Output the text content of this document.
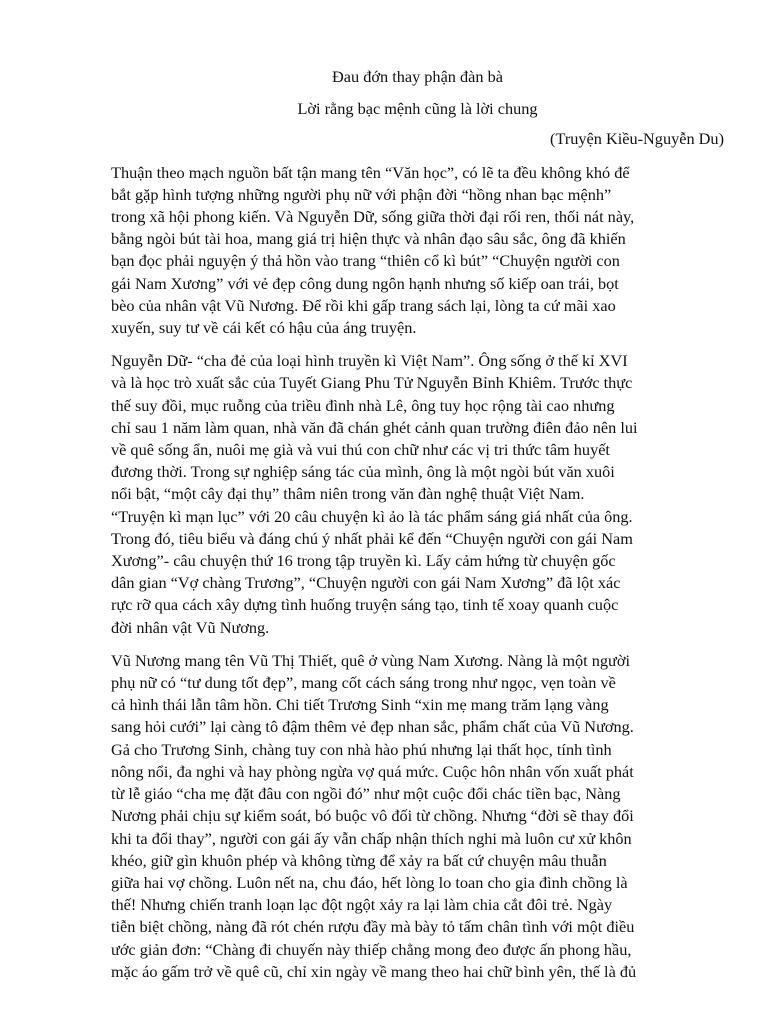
Đau đớn thay phận đàn bà

Lời rằng bạc mệnh cũng là lời chung

(Truyện Kiều-Nguyễn Du)

Thuận theo mạch nguồn bất tận mang tên “Văn học”, có lẽ ta đều không khó để
bắt gặp hình tượng những người phụ nữ với phận đời “hồng nhan bạc mệnh”
trong xã hội phong kiến. Và Nguyễn Dữ, sống giữa thời đại rối ren, thối nát này,
bằng ngòi bút tài hoa, mang giá trị hiện thực và nhân đạo sâu sắc, ông đã khiến
bạn đọc phải nguyện ý thả hồn vào trang “thiên cổ kì bút” “Chuyện người con
gái Nam Xương” với vẻ đẹp công dung ngôn hạnh nhưng số kiếp oan trái, bọt
bèo của nhân vật Vũ Nương. Để rồi khi gấp trang sách lại, lòng ta cứ mãi xao
xuyến, suy tư về cái kết có hậu của áng truyện.
Nguyễn Dữ- “cha đẻ của loại hình truyền kì Việt Nam”. Ông sống ở thế kỉ XVI
và là học trò xuất sắc của Tuyết Giang Phu Tử Nguyễn Bỉnh Khiêm. Trước thực
thế suy đồi, mục ruỗng của triều đình nhà Lê, ông tuy học rộng tài cao nhưng
chỉ sau 1 năm làm quan, nhà văn đã chán ghét cảnh quan trường điên đảo nên lui
về quê sống ẩn, nuôi mẹ già và vui thú con chữ như các vị tri thức tâm huyết
đương thời. Trong sự nghiệp sáng tác của mình, ông là một ngòi bút văn xuôi
nổi bật, “một cây đại thụ” thâm niên trong văn đàn nghệ thuật Việt Nam.
“Truyện kì mạn lục” với 20 câu chuyện kì ảo là tác phẩm sáng giá nhất của ông.
Trong đó, tiêu biểu và đáng chú ý nhất phải kể đến “Chuyện người con gái Nam
Xương”- câu chuyện thứ 16 trong tập truyền kì. Lấy cảm hứng từ chuyện gốc
dân gian “Vợ chàng Trương”, “Chuyện người con gái Nam Xương” đã lột xác
rực rỡ qua cách xây dựng tình huống truyện sáng tạo, tinh tế xoay quanh cuộc
đời nhân vật Vũ Nương.
Vũ Nương mang tên Vũ Thị Thiết, quê ở vùng Nam Xương. Nàng là một người
phụ nữ có “tư dung tốt đẹp”, mang cốt cách sáng trong như ngọc, vẹn toàn về
cả hình thái lẫn tâm hồn. Chi tiết Trương Sinh “xin mẹ mang trăm lạng vàng
sang hỏi cưới” lại càng tô đậm thêm vẻ đẹp nhan sắc, phẩm chất của Vũ Nương.
Gả cho Trương Sinh, chàng tuy con nhà hào phú nhưng lại thất học, tính tình
nông nổi, đa nghi và hay phòng ngừa vợ quá mức. Cuộc hôn nhân vốn xuất phát
từ lễ giáo “cha mẹ đặt đâu con ngồi đó” như một cuộc đổi chác tiền bạc, Nàng
Nương phải chịu sự kiểm soát, bó buộc vô đối từ chồng. Nhưng “đời sẽ thay đổi
khi ta đổi thay”, người con gái ấy vẫn chấp nhận thích nghi mà luôn cư xử khôn
khéo, giữ gìn khuôn phép và không từng để xảy ra bất cứ chuyện mâu thuẫn
giữa hai vợ chồng. Luôn nết na, chu đáo, hết lòng lo toan cho gia đình chồng là
thế! Nhưng chiến tranh loạn lạc đột ngột xảy ra lại làm chia cắt đôi trẻ. Ngày
tiễn biệt chồng, nàng đã rót chén rượu đầy mà bày tỏ tấm chân tình với một điều
ước giản đơn: “Chàng đi chuyến này thiếp chẳng mong đeo được ấn phong hầu,
mặc áo gấm trở về quê cũ, chỉ xin ngày về mang theo hai chữ bình yên, thế là đủ
